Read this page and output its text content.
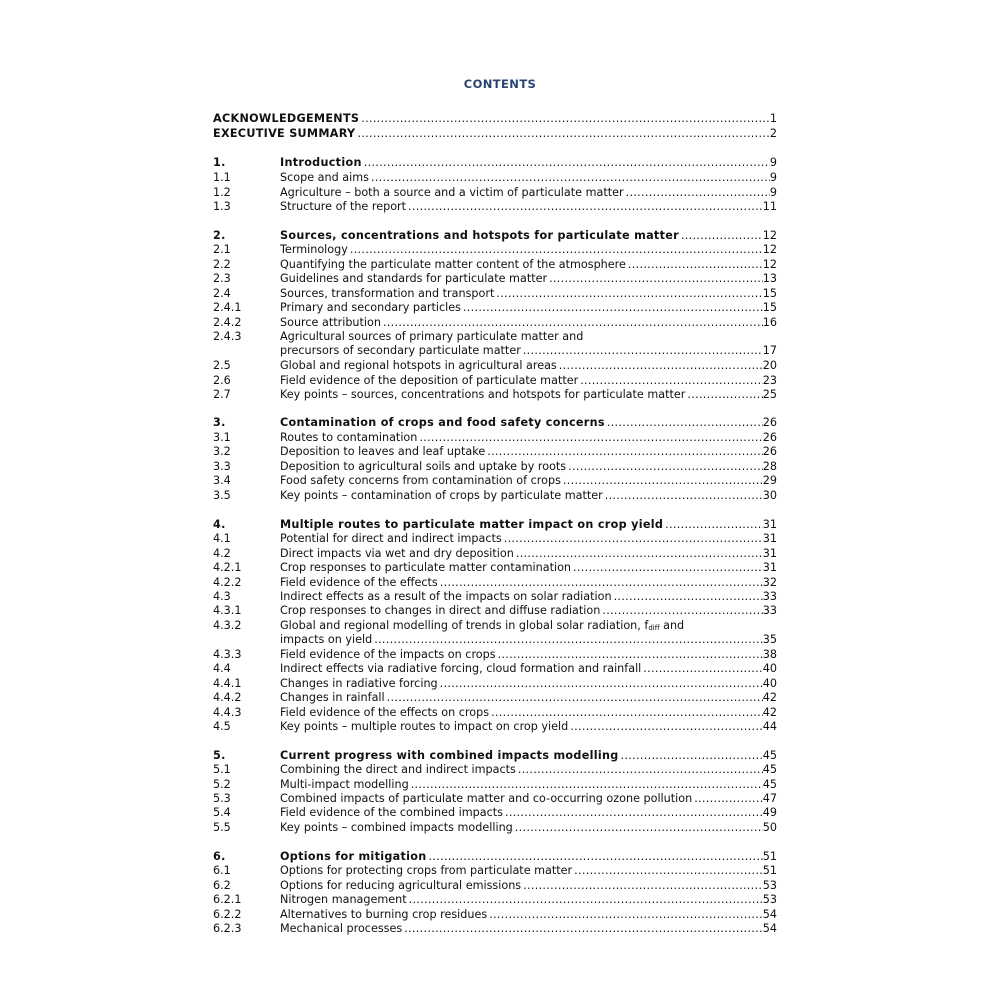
CONTENTS
ACKNOWLEDGEMENTS .....	1
EXECUTIVE SUMMARY .....	2
1.	Introduction .....	9
1.1	Scope and aims .....	9
1.2	Agriculture – both a source and a victim of particulate matter .....	9
1.3	Structure of the report .....	11
2.	Sources, concentrations and hotspots for particulate matter .....	12
2.1	Terminology .....	12
2.2	Quantifying the particulate matter content of the atmosphere .....	12
2.3	Guidelines and standards for particulate matter .....	13
2.4	Sources, transformation and transport .....	15
2.4.1	Primary and secondary particles .....	15
2.4.2	Source attribution .....	16
2.4.3	Agricultural sources of primary particulate matter and
precursors of secondary particulate matter .....	17
2.5	Global and regional hotspots in agricultural areas .....	20
2.6	Field evidence of the deposition of particulate matter .....	23
2.7	Key points – sources, concentrations and hotspots for particulate matter .....	25
3.	Contamination of crops and food safety concerns .....	26
3.1	Routes to contamination .....	26
3.2	Deposition to leaves and leaf uptake .....	26
3.3	Deposition to agricultural soils and uptake by roots .....	28
3.4	Food safety concerns from contamination of crops .....	29
3.5	Key points – contamination of crops by particulate matter .....	30
4.	Multiple routes to particulate matter impact on crop yield .....	31
4.1	Potential for direct and indirect impacts .....	31
4.2	Direct impacts via wet and dry deposition .....	31
4.2.1	Crop responses to particulate matter contamination .....	31
4.2.2	Field evidence of the effects .....	32
4.3	Indirect effects as a result of the impacts on solar radiation .....	33
4.3.1	Crop responses to changes in direct and diffuse radiation .....	33
4.3.2	Global and regional modelling of trends in global solar radiation, $f_{diff}$ and
impacts on yield .....	35
4.3.3	Field evidence of the impacts on crops .....	38
4.4	Indirect effects via radiative forcing, cloud formation and rainfall .....	40
4.4.1	Changes in radiative forcing .....	40
4.4.2	Changes in rainfall .....	42
4.4.3	Field evidence of the effects on crops .....	42
4.5	Key points – multiple routes to impact on crop yield .....	44
5.	Current progress with combined impacts modelling .....	45
5.1	Combining the direct and indirect impacts .....	45
5.2	Multi-impact modelling .....	45
5.3	Combined impacts of particulate matter and co-occurring ozone pollution .....	47
5.4	Field evidence of the combined impacts .....	49
5.5	Key points – combined impacts modelling .....	50
6.	Options for mitigation .....	51
6.1	Options for protecting crops from particulate matter .....	51
6.2	Options for reducing agricultural emissions .....	53
6.2.1	Nitrogen management .....	53
6.2.2	Alternatives to burning crop residues .....	54
6.2.3	Mechanical processes .....	54
